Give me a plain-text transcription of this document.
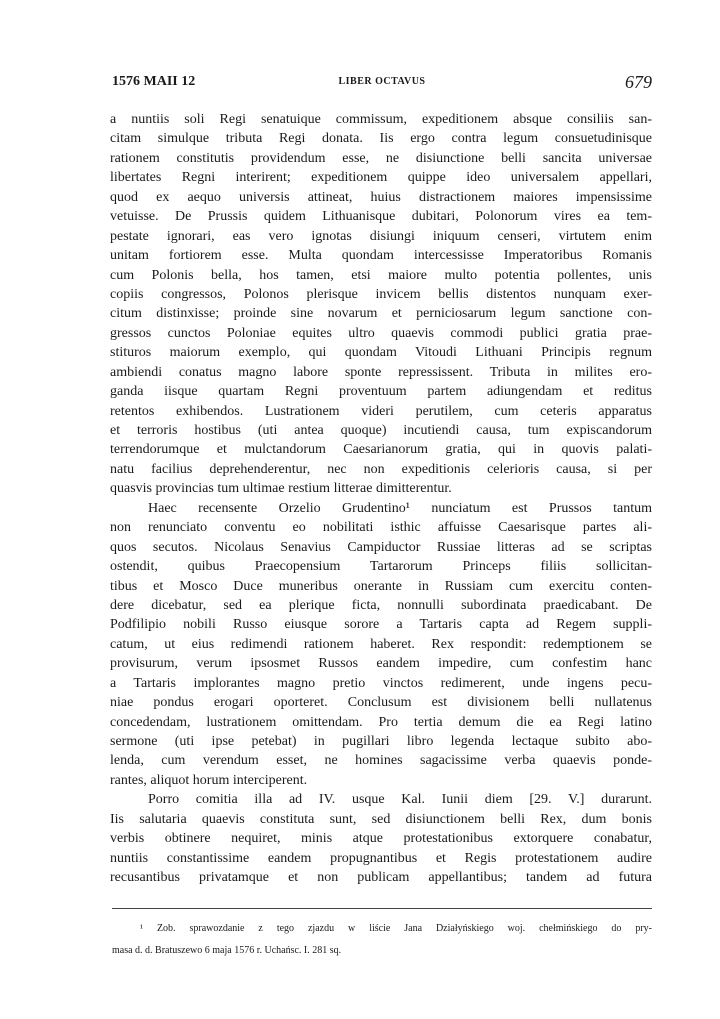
1576 MAII 12	LIBER OCTAVUS	679
a nuntiis soli Regi senatuique commissum, expeditionem absque consiliis san-
citam simulque tributa Regi donata. Iis ergo contra legum consuetudinisque
rationem constitutis providendum esse, ne disiunctione belli sancita universae
libertates Regni interirent; expeditionem quippe ideo universalem appellari,
quod ex aequo universis attineat, huius distractionem maiores impensissime
vetuisse. De Prussis quidem Lithuanisque dubitari, Polonorum vires ea tem-
pestate ignorari, eas vero ignotas disiungi iniquum censeri, virtutem enim
unitam fortiorem esse. Multa quondam intercessisse Imperatoribus Romanis
cum Polonis bella, hos tamen, etsi maiore multo potentia pollentes, unis
copiis congressos, Polonos plerisque invicem bellis distentos nunquam exer-
citum distinxisse; proinde sine novarum et perniciosarum legum sanctione con-
gressos cunctos Poloniae equites ultro quaevis commodi publici gratia prae-
stituros maiorum exemplo, qui quondam Vitoudi Lithuani Principis regnum
ambiendi conatus magno labore sponte repressissent. Tributa in milites ero-
ganda iisque quartam Regni proventuum partem adiungendam et reditus
retentos exhibendos. Lustrationem videri perutilem, cum ceteris apparatus
et terroris hostibus (uti antea quoque) incutiendi causa, tum expiscandorum
terrendorumque et mulctandorum Caesarianorum gratia, qui in quovis palati-
natu facilius deprehenderentur, nec non expeditionis celerioris causa, si per
quasvis provincias tum ultimae restium litterae dimitterentur.
Haec recensente Orzelio Grudentino¹ nunciatum est Prussos tantum
non renunciato conventu eo nobilitati isthic affuisse Caesarisque partes ali-
quos secutos. Nicolaus Senavius Campiductor Russiae litteras ad se scriptas
ostendit, quibus Praecopensium Tartarorum Princeps filiis sollicitan-
tibus et Mosco Duce muneribus onerante in Russiam cum exercitu conten-
dere dicebatur, sed ea plerique ficta, nonnulli subordinata praedicabant. De
Podfilipio nobili Russo eiusque sorore a Tartaris capta ad Regem suppli-
catum, ut eius redimendi rationem haberet. Rex respondit: redemptionem se
provisurum, verum ipsosmet Russos eandem impedire, cum confestim hanc
a Tartaris implorantes magno pretio vinctos redimerent, unde ingens pecu-
niae pondus erogari oporteret. Conclusum est divisionem belli nullatenus
concedendam, lustrationem omittendam. Pro tertia demum die ea Regi latino
sermone (uti ipse petebat) in pugillari libro legenda lectaque subito abo-
lenda, cum verendum esset, ne homines sagacissime verba quaevis ponde-
rantes, aliquot horum interciperent.
Porro comitia illa ad IV. usque Kal. Iunii diem [29. V.] durarunt.
Iis salutaria quaevis constituta sunt, sed disiunctionem belli Rex, dum bonis
verbis obtinere nequiret, minis atque protestationibus extorquere conabatur,
nuntiis constantissime eandem propugnantibus et Regis protestationem audire
recusantibus privatamque et non publicam appellantibus; tandem ad futura
¹ Zob. sprawozdanie z tego zjazdu w liście Jana Działyńskiego woj. chełmińskiego do pry-
masa d. d. Bratuszewo 6 maja 1576 r. Uchańsc. I. 281 sq.
